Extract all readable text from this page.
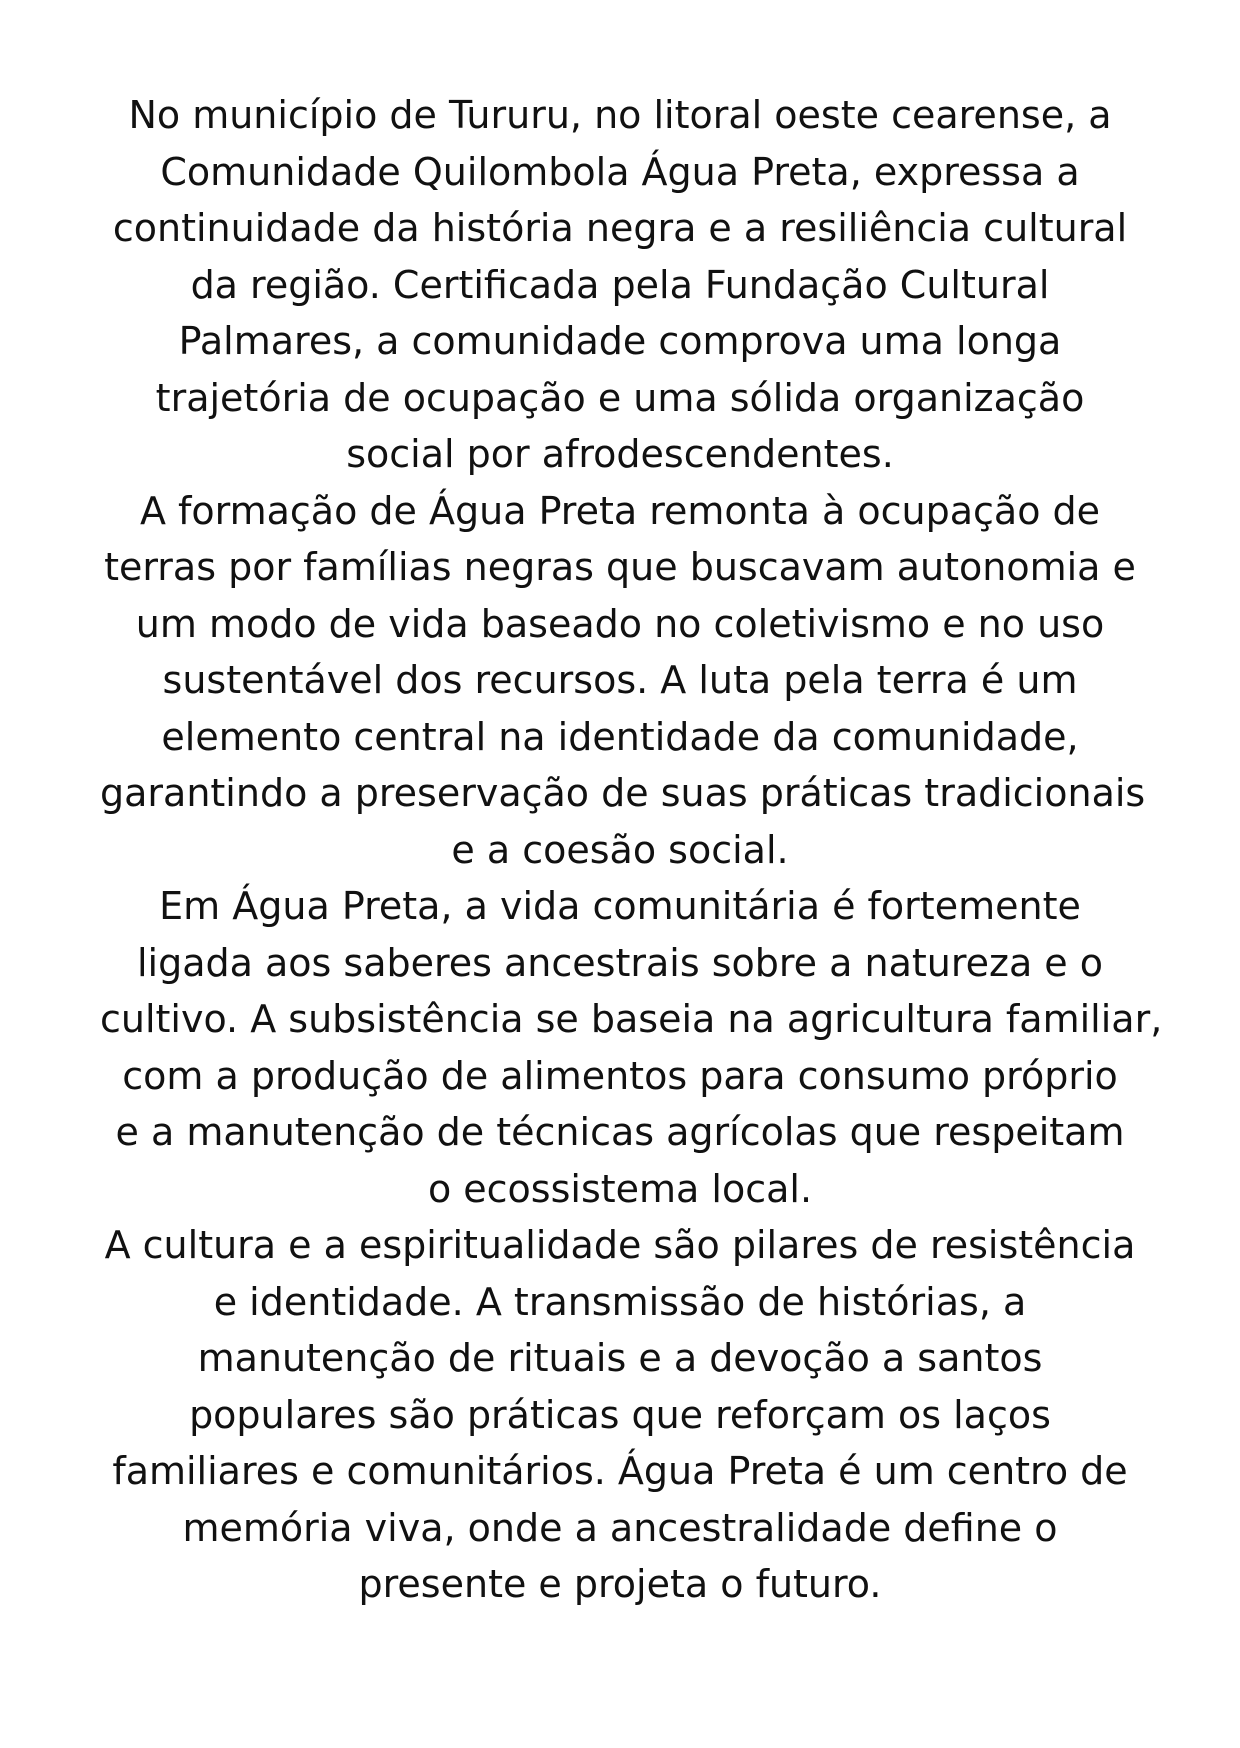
No município de Tururu, no litoral oeste cearense, a
Comunidade Quilombola Água Preta, expressa a
continuidade da história negra e a resiliência cultural
da região. Certificada pela Fundação Cultural
Palmares, a comunidade comprova uma longa
trajetória de ocupação e uma sólida organização
social por afrodescendentes.
A formação de Água Preta remonta à ocupação de
terras por famílias negras que buscavam autonomia e
um modo de vida baseado no coletivismo e no uso
sustentável dos recursos. A luta pela terra é um
elemento central na identidade da comunidade,
garantindo a preservação de suas práticas tradicionais
e a coesão social.
Em Água Preta, a vida comunitária é fortemente
ligada aos saberes ancestrais sobre a natureza e o
cultivo. A subsistência se baseia na agricultura familiar,
com a produção de alimentos para consumo próprio
e a manutenção de técnicas agrícolas que respeitam
o ecossistema local.
A cultura e a espiritualidade são pilares de resistência
e identidade. A transmissão de histórias, a
manutenção de rituais e a devoção a santos
populares são práticas que reforçam os laços
familiares e comunitários. Água Preta é um centro de
memória viva, onde a ancestralidade define o
presente e projeta o futuro.
